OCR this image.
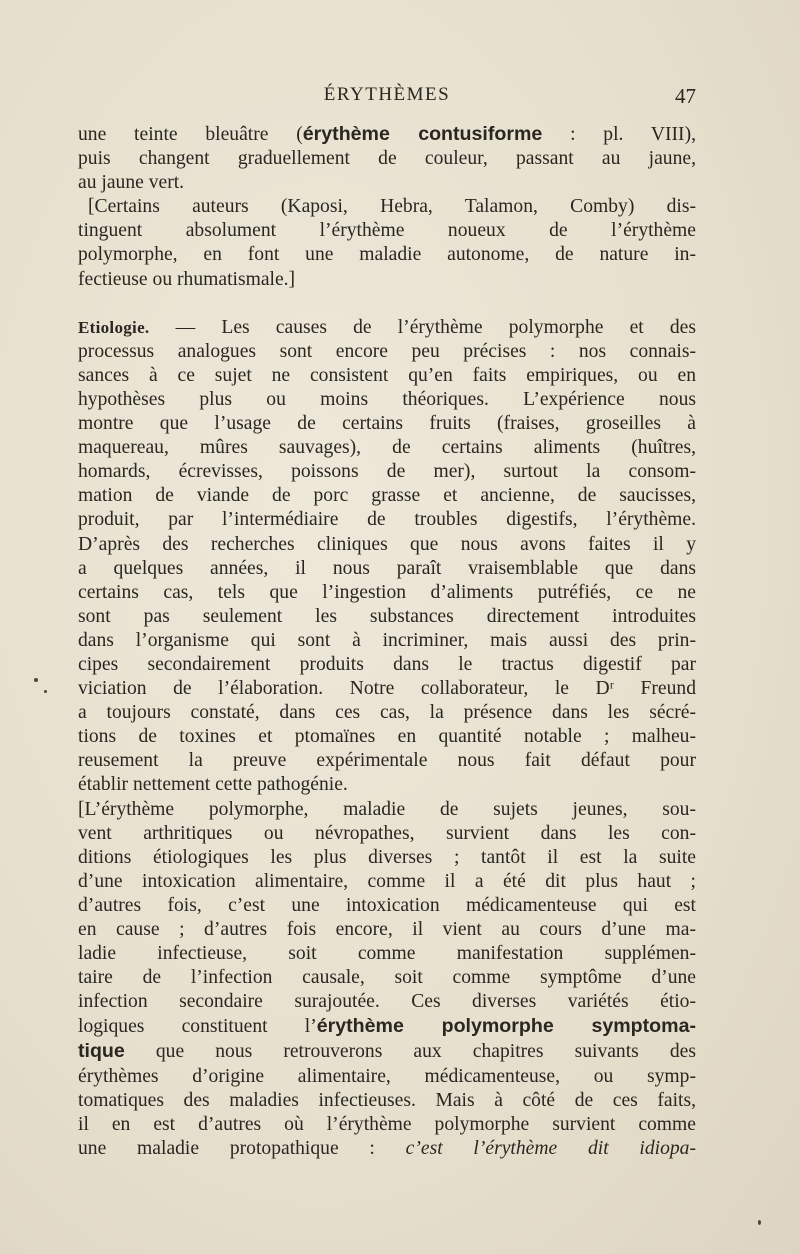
ÉRYTHÈMES	47
une teinte bleuâtre (érythème contusiforme : pl. VIII),
puis changent graduellement de couleur, passant au jaune,
au jaune vert.
[Certains auteurs (Kaposi, Hebra, Talamon, Comby) dis-
tinguent absolument l’érythème noueux de l’érythème
polymorphe, en font une maladie autonome, de nature in-
fectieuse ou rhumatismale.]
Etiologie. — Les causes de l’érythème polymorphe et des
processus analogues sont encore peu précises : nos connais-
sances à ce sujet ne consistent qu’en faits empiriques, ou en
hypothèses plus ou moins théoriques. L’expérience nous
montre que l’usage de certains fruits (fraises, groseilles à
maquereau, mûres sauvages), de certains aliments (huîtres,
homards, écrevisses, poissons de mer), surtout la consom-
mation de viande de porc grasse et ancienne, de saucisses,
produit, par l’intermédiaire de troubles digestifs, l’érythème.
D’après des recherches cliniques que nous avons faites il y
a quelques années, il nous paraît vraisemblable que dans
certains cas, tels que l’ingestion d’aliments putréfiés, ce ne
sont pas seulement les substances directement introduites
dans l’organisme qui sont à incriminer, mais aussi des prin-
cipes secondairement produits dans le tractus digestif par
viciation de l’élaboration. Notre collaborateur, le Dʳ Freund
a toujours constaté, dans ces cas, la présence dans les sécré-
tions de toxines et ptomaïnes en quantité notable ; malheu-
reusement la preuve expérimentale nous fait défaut pour
établir nettement cette pathogénie.
[L’érythème polymorphe, maladie de sujets jeunes, sou-
vent arthritiques ou névropathes, survient dans les con-
ditions étiologiques les plus diverses ; tantôt il est la suite
d’une intoxication alimentaire, comme il a été dit plus haut ;
d’autres fois, c’est une intoxication médicamenteuse qui est
en cause ; d’autres fois encore, il vient au cours d’une ma-
ladie infectieuse, soit comme manifestation supplémen-
taire de l’infection causale, soit comme symptôme d’une
infection secondaire surajoutée. Ces diverses variétés étio-
logiques constituent l’érythème polymorphe symptoma-
tique que nous retrouverons aux chapitres suivants des
érythèmes d’origine alimentaire, médicamenteuse, ou symp-
tomatiques des maladies infectieuses. Mais à côté de ces faits,
il en est d’autres où l’érythème polymorphe survient comme
une maladie protopathique : c’est l’érythème dit idiopa-
